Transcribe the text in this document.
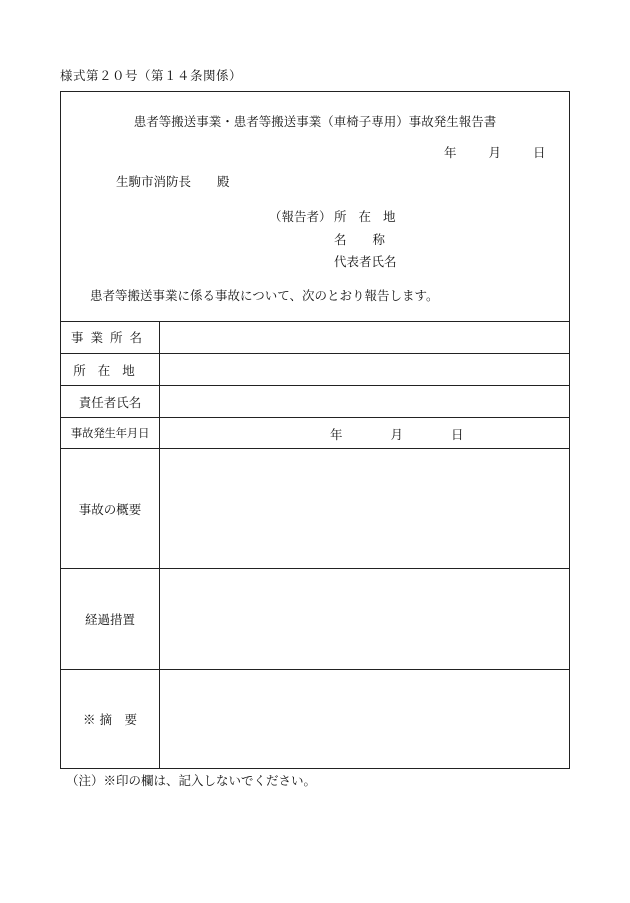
様式第２０号（第１４条関係）
患者等搬送事業・患者等搬送事業（車椅子専用）事故発生報告書
年	月	日
生駒市消防長 殿
（報告者） 所在地
名称
代表者氏名
患者等搬送事業に係る事故について、次のとおり報告します。
事業所名
所在地
責任者氏名
事故発生年月日	年	月	日
事故の概要
経過措置
※ 摘　要
（注）※印の欄は、記入しないでください。
